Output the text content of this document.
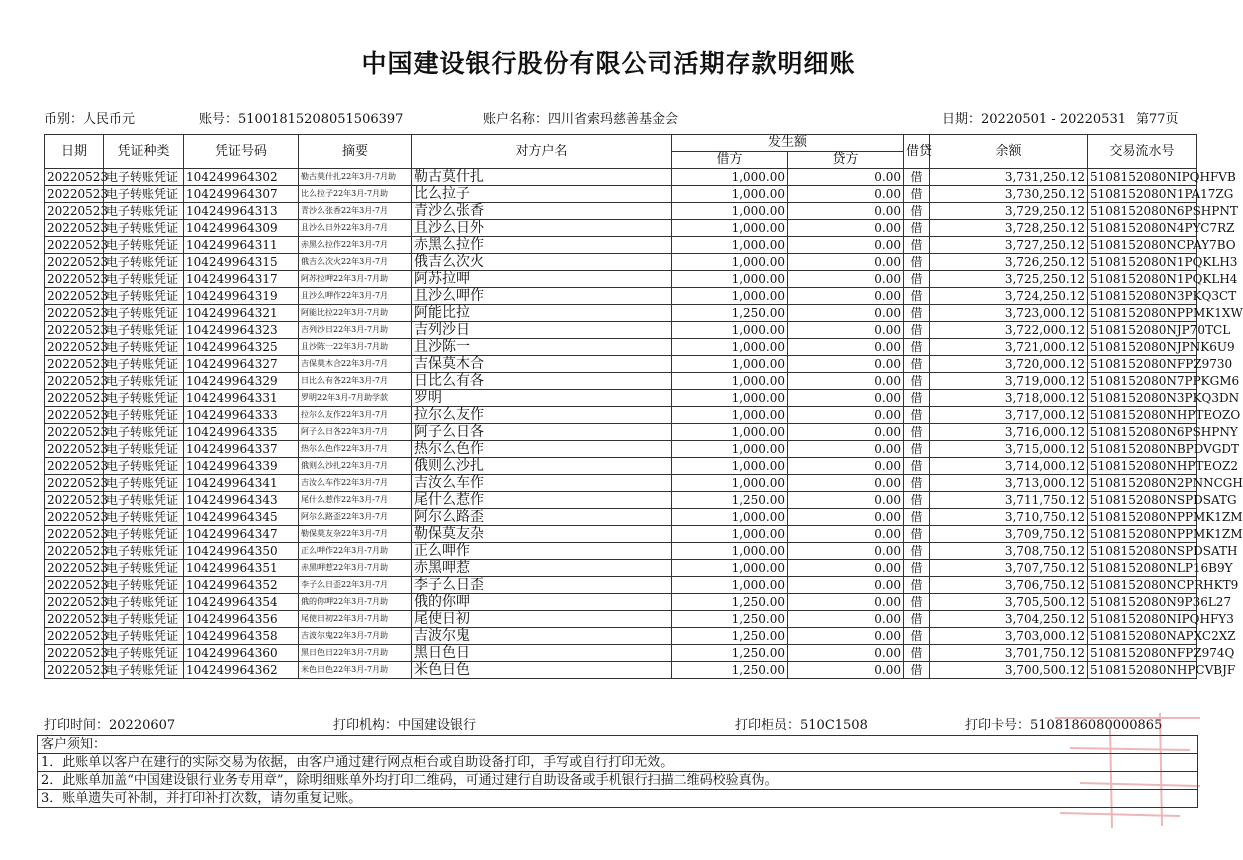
中国建设银行股份有限公司活期存款明细账
币别：人民币元	账号：51001815208051506397	账户名称：四川省索玛慈善基金会	日期：20220501 - 20220531 第77页
日期	凭证种类	凭证号码	摘要	对方户名	发生额		借贷	余额	交易流水号
					借方	贷方			
20220523	电子转账凭证	104249964302	勒古莫什扎22年3月-7月助	勒古莫什扎	1,000.00	0.00	借	3,731,250.12	5108152080NIPQHFVB
20220523	电子转账凭证	104249964307	比么拉子22年3月-7月助	比么拉子	1,000.00	0.00	借	3,730,250.12	5108152080N1PA17ZG
20220523	电子转账凭证	104249964313	青沙么张香22年3月-7月	青沙么张香	1,000.00	0.00	借	3,729,250.12	5108152080N6PSHPNT
20220523	电子转账凭证	104249964309	且沙么日外22年3月-7月	且沙么日外	1,000.00	0.00	借	3,728,250.12	5108152080N4PYC7RZ
20220523	电子转账凭证	104249964311	赤黑么拉作22年3月-7月	赤黑么拉作	1,000.00	0.00	借	3,727,250.12	5108152080NCPAY7BO
20220523	电子转账凭证	104249964315	俄吉么次火22年3月-7月	俄吉么次火	1,000.00	0.00	借	3,726,250.12	5108152080N1PQKLH3
20220523	电子转账凭证	104249964317	阿苏拉呷22年3月-7月助	阿苏拉呷	1,000.00	0.00	借	3,725,250.12	5108152080N1PQKLH4
20220523	电子转账凭证	104249964319	且沙么呷作22年3月-7月	且沙么呷作	1,000.00	0.00	借	3,724,250.12	5108152080N3PKQ3CT
20220523	电子转账凭证	104249964321	阿能比拉22年3月-7月助	阿能比拉	1,250.00	0.00	借	3,723,000.12	5108152080NPPMK1XW
20220523	电子转账凭证	104249964323	吉列沙日22年3月-7月助	吉列沙日	1,000.00	0.00	借	3,722,000.12	5108152080NJP70TCL
20220523	电子转账凭证	104249964325	且沙陈一22年3月-7月助	且沙陈一	1,000.00	0.00	借	3,721,000.12	5108152080NJPNK6U9
20220523	电子转账凭证	104249964327	吉保莫木合22年3月-7月	吉保莫木合	1,000.00	0.00	借	3,720,000.12	5108152080NFPZ9730
20220523	电子转账凭证	104249964329	日比么有各22年3月-7月	日比么有各	1,000.00	0.00	借	3,719,000.12	5108152080N7PPKGM6
20220523	电子转账凭证	104249964331	罗明22年3月-7月助学款	罗明	1,000.00	0.00	借	3,718,000.12	5108152080N3PKQ3DN
20220523	电子转账凭证	104249964333	拉尔么友作22年3月-7月	拉尔么友作	1,000.00	0.00	借	3,717,000.12	5108152080NHPTEOZO
20220523	电子转账凭证	104249964335	阿子么日各22年3月-7月	阿子么日各	1,000.00	0.00	借	3,716,000.12	5108152080N6PSHPNY
20220523	电子转账凭证	104249964337	热尔么色作22年3月-7月	热尔么色作	1,000.00	0.00	借	3,715,000.12	5108152080NBPDVGDT
20220523	电子转账凭证	104249964339	俄则么沙扎22年3月-7月	俄则么沙扎	1,000.00	0.00	借	3,714,000.12	5108152080NHPTEOZ2
20220523	电子转账凭证	104249964341	吉汝么车作22年3月-7月	吉汝么车作	1,000.00	0.00	借	3,713,000.12	5108152080N2PNNCGH
20220523	电子转账凭证	104249964343	尾什么惹作22年3月-7月	尾什么惹作	1,250.00	0.00	借	3,711,750.12	5108152080NSPDSATG
20220523	电子转账凭证	104249964345	阿尔么路歪22年3月-7月	阿尔么路歪	1,000.00	0.00	借	3,710,750.12	5108152080NPPMK1ZM
20220523	电子转账凭证	104249964347	勒保莫友杂22年3月-7月	勒保莫友杂	1,000.00	0.00	借	3,709,750.12	5108152080NPPMK1ZM
20220523	电子转账凭证	104249964350	正么呷作22年3月-7月助	正么呷作	1,000.00	0.00	借	3,708,750.12	5108152080NSPDSATH
20220523	电子转账凭证	104249964351	赤黑呷惹22年3月-7月助	赤黑呷惹	1,000.00	0.00	借	3,707,750.12	5108152080NLP16B9Y
20220523	电子转账凭证	104249964352	李子么日歪22年3月-7月	李子么日歪	1,000.00	0.00	借	3,706,750.12	5108152080NCPRHKT9
20220523	电子转账凭证	104249964354	俄的你呷22年3月-7月助	俄的你呷	1,250.00	0.00	借	3,705,500.12	5108152080N9P36L27
20220523	电子转账凭证	104249964356	尾使日初22年3月-7月助	尾使日初	1,250.00	0.00	借	3,704,250.12	5108152080NIPQHFY3
20220523	电子转账凭证	104249964358	吉波尔鬼22年3月-7月助	吉波尔鬼	1,250.00	0.00	借	3,703,000.12	5108152080NAPXC2XZ
20220523	电子转账凭证	104249964360	黑日色日22年3月-7月助	黑日色日	1,250.00	0.00	借	3,701,750.12	5108152080NFPZ974Q
20220523	电子转账凭证	104249964362	米色日色22年3月-7月助	米色日色	1,250.00	0.00	借	3,700,500.12	5108152080NHPCVBJF
打印时间：20220607	打印机构：中国建设银行	打印柜员：510C1508	打印卡号：5108186080000865
客户须知：
1．此账单以客户在建行的实际交易为依据，由客户通过建行网点柜台或自助设备打印，手写或自行打印无效。
2．此账单加盖“中国建设银行业务专用章”，除明细账单外均打印二维码，可通过建行自助设备或手机银行扫描二维码校验真伪。
3．账单遗失可补制，并打印补打次数，请勿重复记账。
